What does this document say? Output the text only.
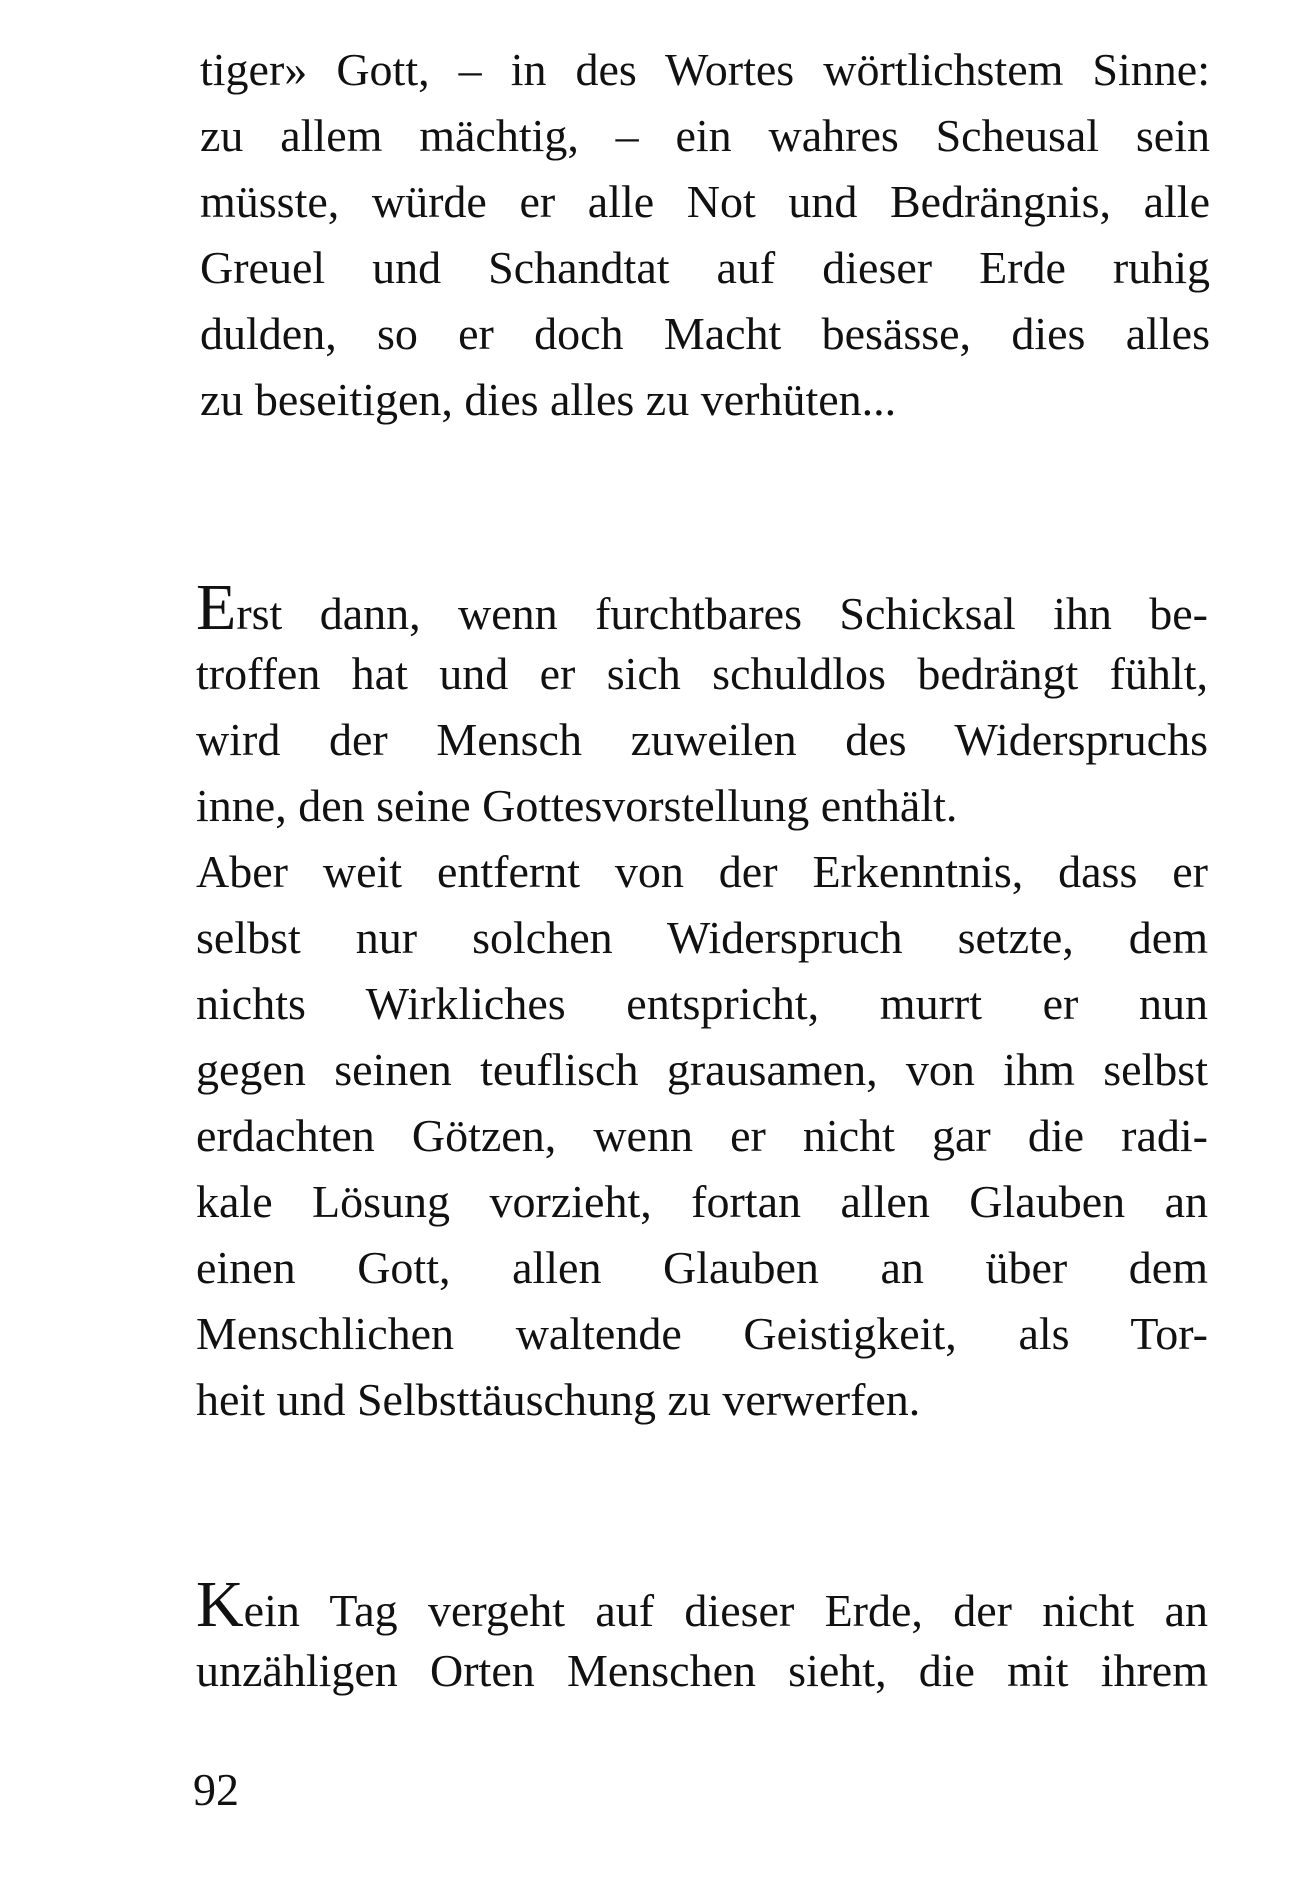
tiger» Gott, – in des Wortes wörtlichstem Sinne:
zu allem mächtig, – ein wahres Scheusal sein
müsste, würde er alle Not und Bedrängnis, alle
Greuel und Schandtat auf dieser Erde ruhig
dulden, so er doch Macht besässe, dies alles
zu beseitigen, dies alles zu verhüten...
Erst dann, wenn furchtbares Schicksal ihn be-
troffen hat und er sich schuldlos bedrängt fühlt,
wird der Mensch zuweilen des Widerspruchs
inne, den seine Gottesvorstellung enthält.
Aber weit entfernt von der Erkenntnis, dass er
selbst nur solchen Widerspruch setzte, dem
nichts Wirkliches entspricht, murrt er nun
gegen seinen teuflisch grausamen, von ihm selbst
erdachten Götzen, wenn er nicht gar die radi-
kale Lösung vorzieht, fortan allen Glauben an
einen Gott, allen Glauben an über dem
Menschlichen waltende Geistigkeit, als Tor-
heit und Selbsttäuschung zu verwerfen.
Kein Tag vergeht auf dieser Erde, der nicht an
unzähligen Orten Menschen sieht, die mit ihrem
92
